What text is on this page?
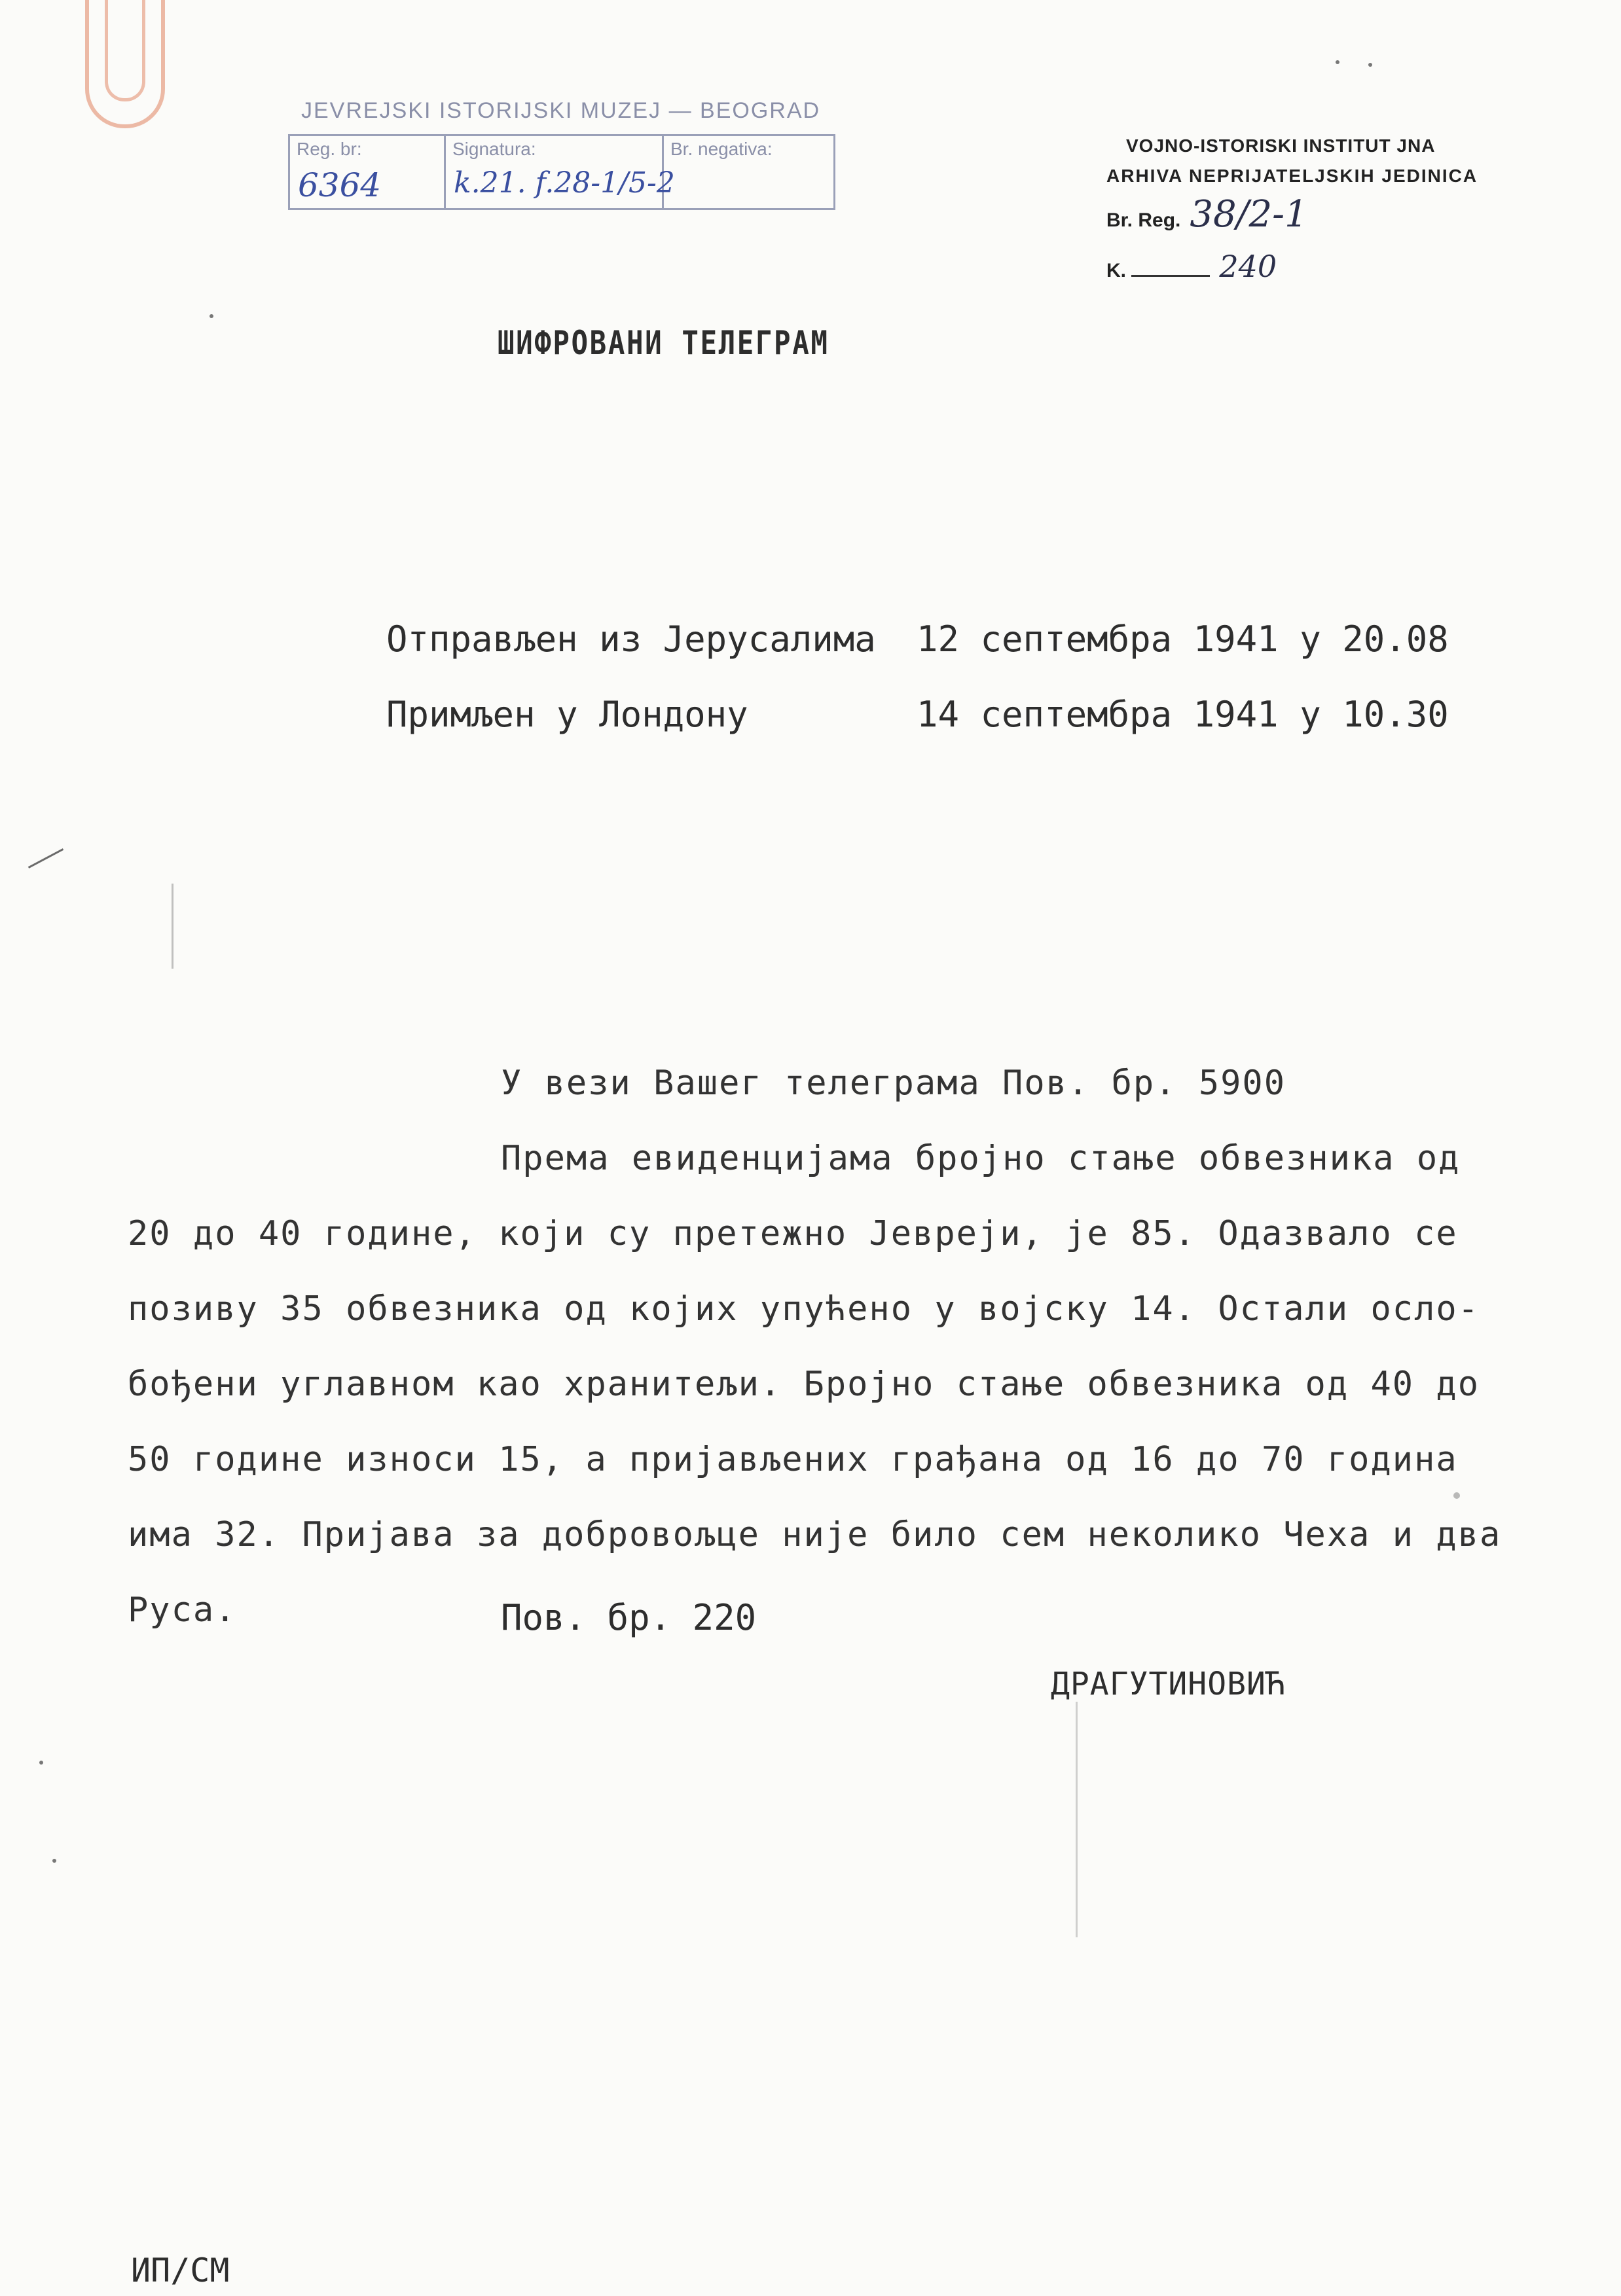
JEVREJSKI ISTORIJSKI MUZEJ — BEOGRAD
Reg. br:
6364
Signatura:
k.21. f.28-1/5-2
Br. negativa:	VOJNO-ISTORISKI INSTITUT JNA
ARHIVA NEPRIJATELJSKIH JEDINICA
Br. Reg. 38/2-1
K.	240
ШИФРОВАНИ ТЕЛЕГРАМ
Отправљен из Јерусалима 12 септембра 1941 у 20.08
Примљен у Лондону	14 септембра 1941 у 10.30
У вези Вашег телеграма Пов. бр. 5900
Према евиденцијама бројно стање обвезника од
20 до 40 године, који су претежно Јевреји, је 85. Одазвало се
позиву 35 обвезника од којих упућено у војску 14. Остали осло-
бођени углавном као хранитељи. Бројно стање обвезника од 40 до
50 године износи 15, а пријављених грађана од 16 до 70 година
има 32. Пријава за добровољце није било сем неколико Чеха и два
Руса.	Пов. бр. 220
ДРАГУТИНОВИЋ
ИП/СМ
